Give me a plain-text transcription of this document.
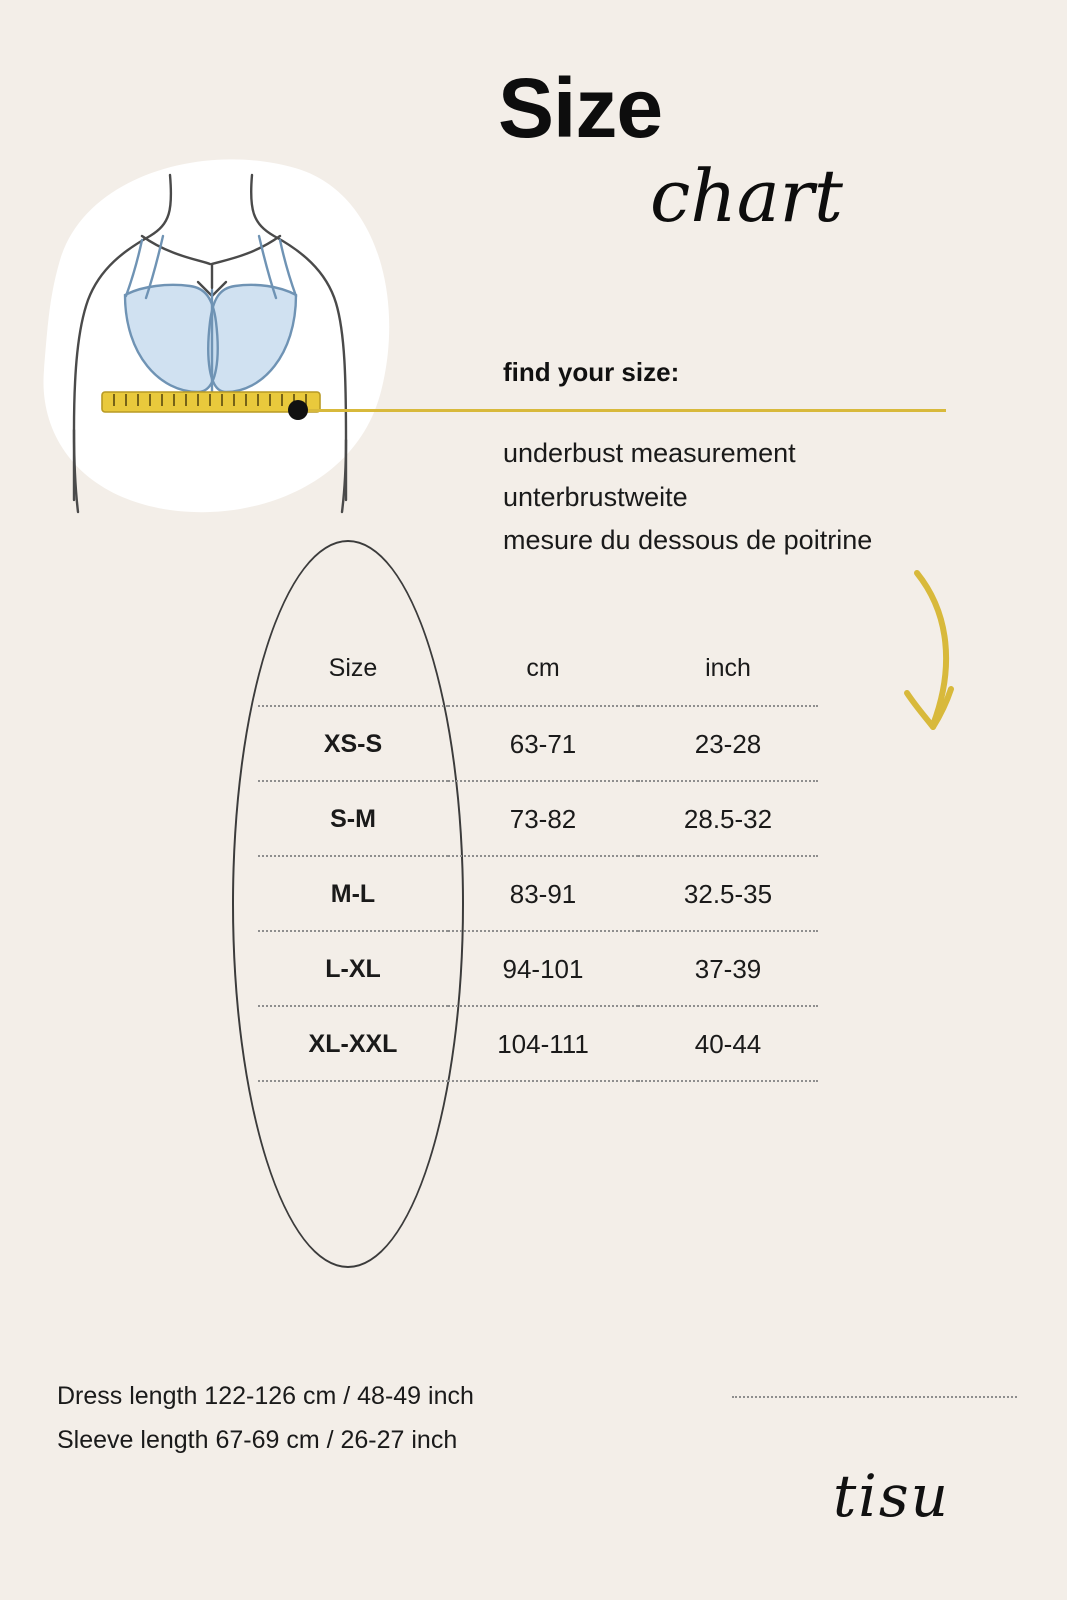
Size
chart
find your size:
underbust measurement
unterbrustweite
mesure du dessous de poitrine
Size	cm	inch
XS-S	63-71	23-28
S-M	73-82	28.5-32
M-L	83-91	32.5-35
L-XL	94-101	37-39
XL-XXL	104-111	40-44
Dress length 122-126 cm / 48-49 inch
Sleeve length 67-69 cm / 26-27 inch
tisu
